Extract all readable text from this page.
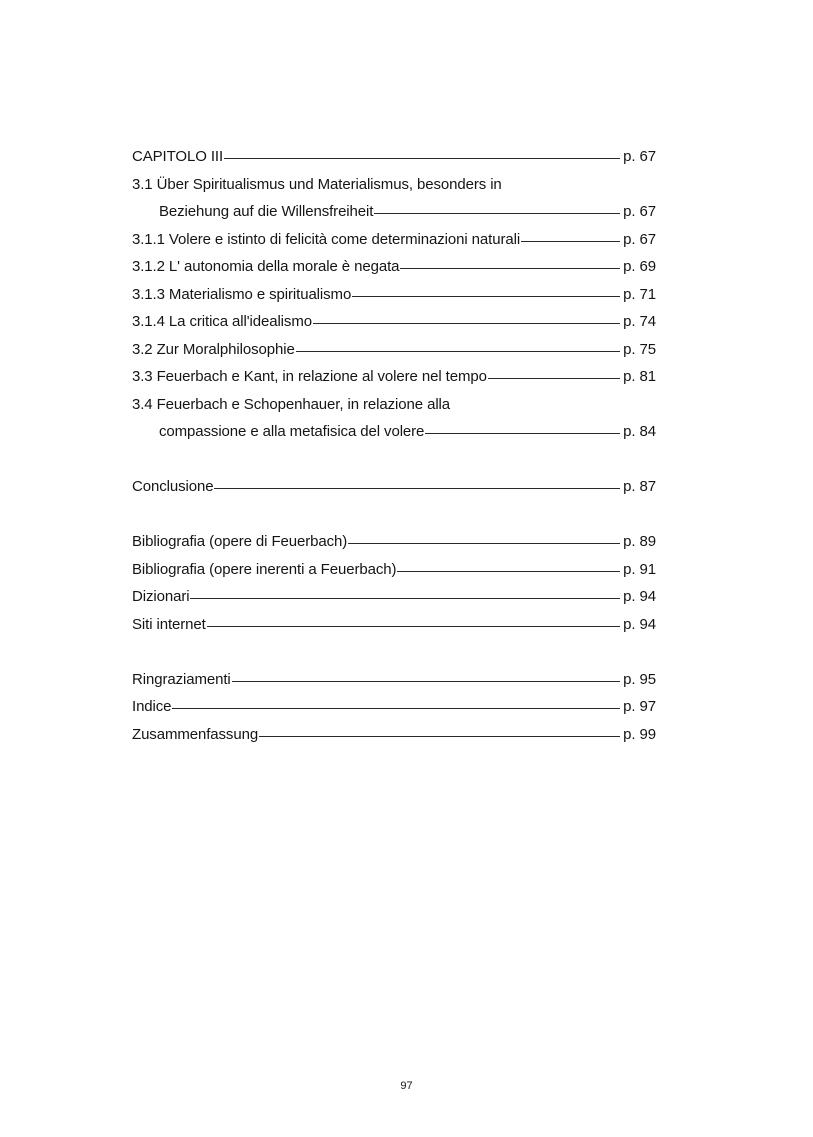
CAPITOLO III	p. 67
3.1 Über Spiritualismus und Materialismus, besonders in
Beziehung auf die Willensfreiheit	p. 67
3.1.1 Volere e istinto di felicità come determinazioni naturali	p. 67
3.1.2 L' autonomia della morale è negata	p. 69
3.1.3 Materialismo e spiritualismo	p. 71
3.1.4 La critica all'idealismo	p. 74
3.2 Zur Moralphilosophie	p. 75
3.3 Feuerbach e Kant, in relazione al volere nel tempo	p. 81
3.4 Feuerbach e Schopenhauer, in relazione alla
compassione e alla metafisica del volere	p. 84
Conclusione	p. 87
Bibliografia (opere di Feuerbach)	p. 89
Bibliografia (opere inerenti a Feuerbach)	p. 91
Dizionari	p. 94
Siti internet	p. 94
Ringraziamenti	p. 95
Indice	p. 97
Zusammenfassung	p. 99
97
